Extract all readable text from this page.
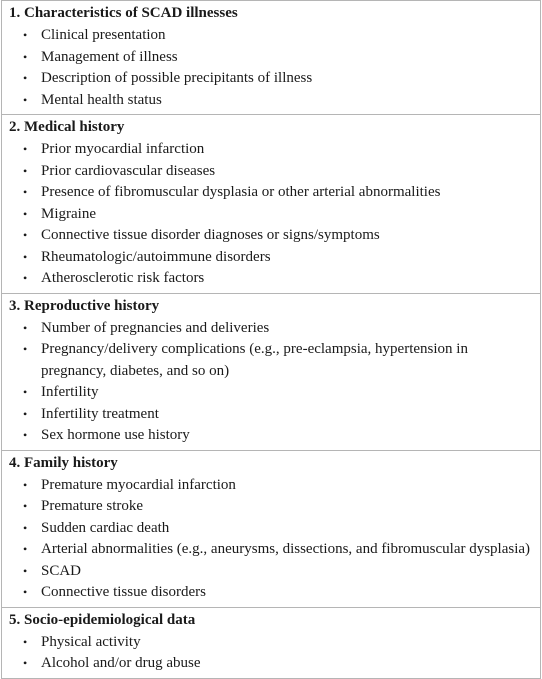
1. Characteristics of SCAD illnesses
• Clinical presentation
• Management of illness
• Description of possible precipitants of illness
• Mental health status
2. Medical history
• Prior myocardial infarction
• Prior cardiovascular diseases
• Presence of fibromuscular dysplasia or other arterial abnormalities
• Migraine
• Connective tissue disorder diagnoses or signs/symptoms
• Rheumatologic/autoimmune disorders
• Atherosclerotic risk factors
3. Reproductive history
• Number of pregnancies and deliveries
• Pregnancy/delivery complications (e.g., pre-eclampsia, hypertension in pregnancy, diabetes, and so on)
• Infertility
• Infertility treatment
• Sex hormone use history
4. Family history
• Premature myocardial infarction
• Premature stroke
• Sudden cardiac death
• Arterial abnormalities (e.g., aneurysms, dissections, and fibromuscular dysplasia)
• SCAD
• Connective tissue disorders
5. Socio-epidemiological data
• Physical activity
• Alcohol and/or drug abuse
